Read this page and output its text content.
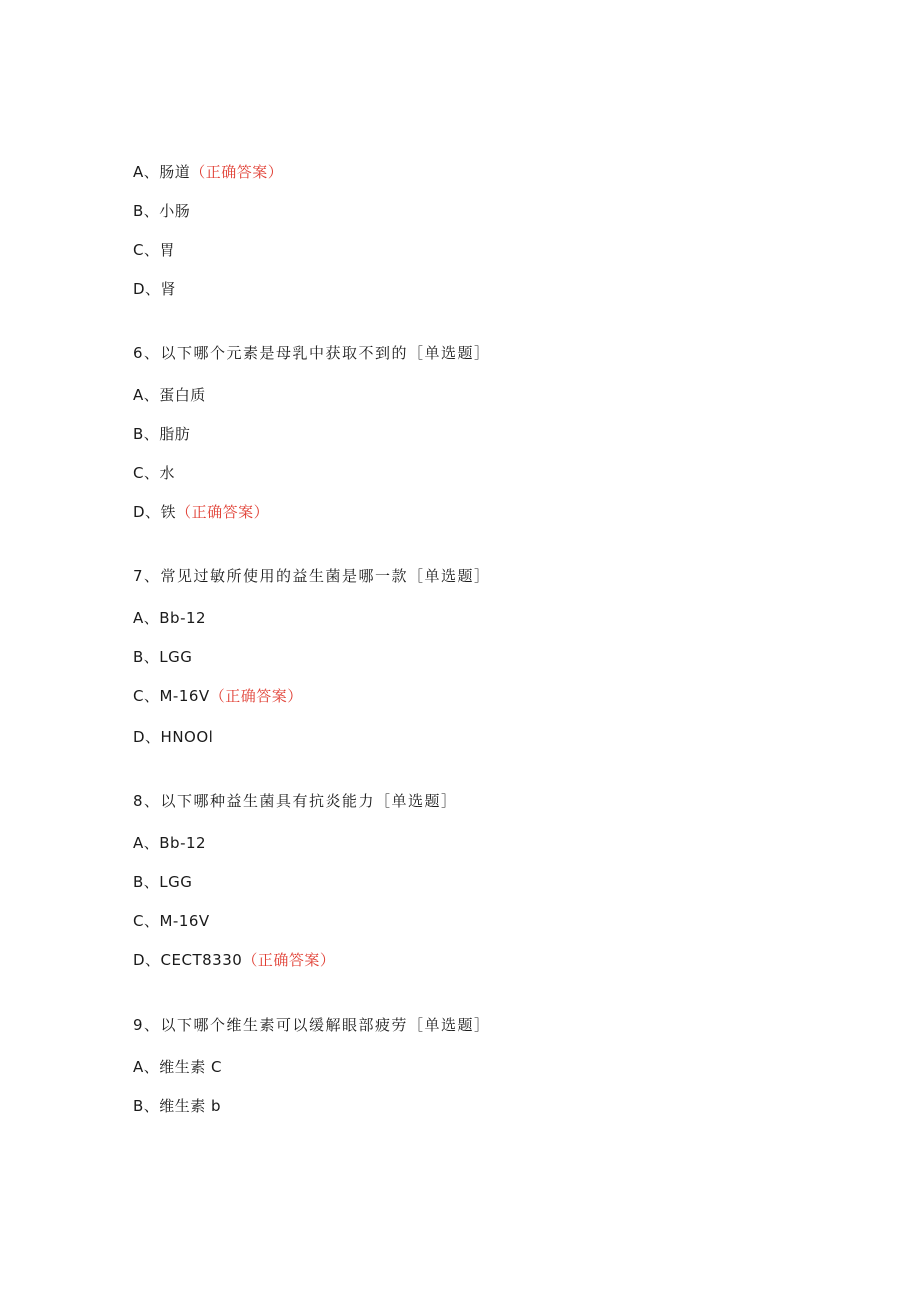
A、肠道（正确答案）
B、小肠
C、胃
D、肾
6、以下哪个元素是母乳中获取不到的［单选题］
A、蛋白质
B、脂肪
C、水
D、铁（正确答案）
7、常见过敏所使用的益生菌是哪一款［单选题］
A、Bb-12
B、LGG
C、M-16V（正确答案）
D、HNOOl
8、以下哪种益生菌具有抗炎能力［单选题］
A、Bb-12
B、LGG
C、M-16V
D、CECT8330（正确答案）
9、以下哪个维生素可以缓解眼部疲劳［单选题］
A、维生素 C
B、维生素 b
